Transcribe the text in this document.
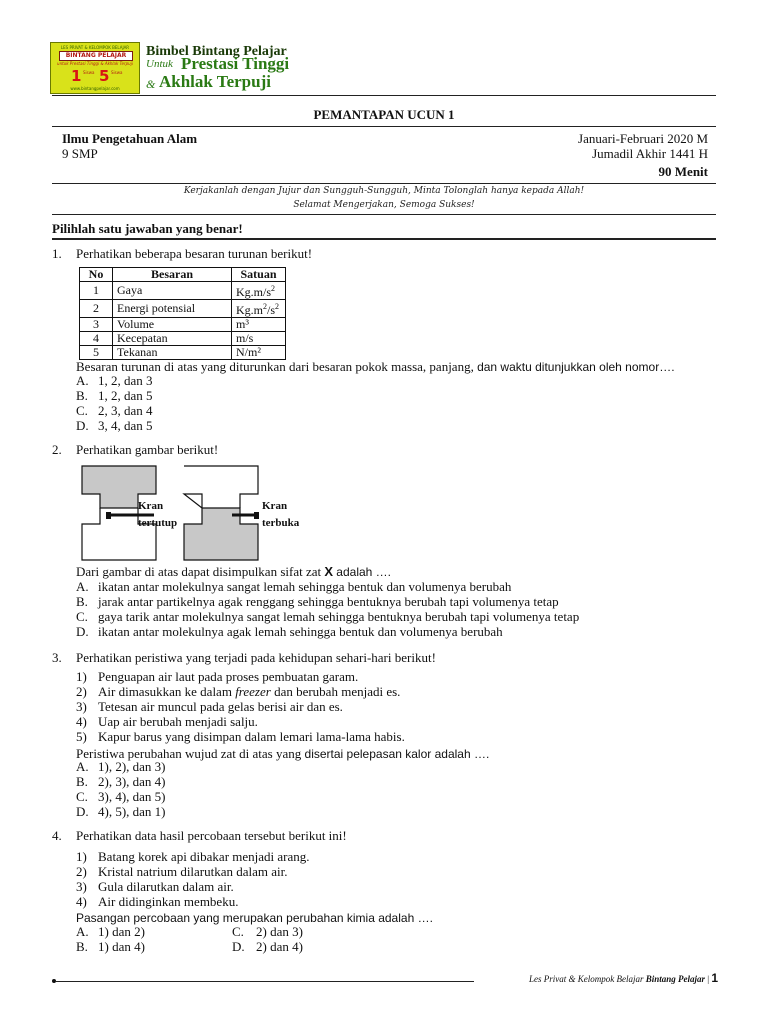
LES PRIVAT & KELOMPOK BELAJAR
BINTANG PELAJAR
untuk Prestasi Tinggi & Akhlak Terpuji
1 Siswa 5 Siswa
www.bintangpelajar.com
Bimbel Bintang Pelajar
Untuk Prestasi Tinggi
& Akhlak Terpuji
PEMANTAPAN UCUN 1
Ilmu Pengetahuan Alam
9 SMP
Januari-Februari 2020 M
Jumadil Akhir 1441 H
90 Menit
Kerjakanlah dengan Jujur dan Sungguh-Sungguh, Minta Tolonglah hanya kepada Allah!
Selamat Mengerjakan, Semoga Sukses!
Pilihlah satu jawaban yang benar!
1. Perhatikan beberapa besaran turunan berikut!
No	Besaran	Satuan
1	Gaya	$Kg.m/s^2$
2	Energi potensial	$Kg.m^2/s^2$
3	Volume	m³
4	Kecepatan	m/s
5	Tekanan	N/m²
Besaran turunan di atas yang diturunkan dari besaran pokok massa, panjang, dan waktu ditunjukkan oleh nomor….
A. 1, 2, dan 3
B. 1, 2, dan 5
C. 2, 3, dan 4
D. 3, 4, dan 5
2. Perhatikan gambar berikut!
Kran
tertutup
Kran
terbuka
Dari gambar di atas dapat disimpulkan sifat zat X adalah ….
A. ikatan antar molekulnya sangat lemah sehingga bentuk dan volumenya berubah
B. jarak antar partikelnya agak renggang sehingga bentuknya berubah tapi volumenya tetap
C. gaya tarik antar molekulnya sangat lemah sehingga bentuknya berubah tapi volumenya tetap
D. ikatan antar molekulnya agak lemah sehingga bentuk dan volumenya berubah
3. Perhatikan peristiwa yang terjadi pada kehidupan sehari-hari berikut!
1) Penguapan air laut pada proses pembuatan garam.
2) Air dimasukkan ke dalam freezer dan berubah menjadi es.
3) Tetesan air muncul pada gelas berisi air dan es.
4) Uap air berubah menjadi salju.
5) Kapur barus yang disimpan dalam lemari lama-lama habis.
Peristiwa perubahan wujud zat di atas yang disertai pelepasan kalor adalah ….
A. 1), 2), dan 3)
B. 2), 3), dan 4)
C. 3), 4), dan 5)
D. 4), 5), dan 1)
4. Perhatikan data hasil percobaan tersebut berikut ini!
1) Batang korek api dibakar menjadi arang.
2) Kristal natrium dilarutkan dalam air.
3) Gula dilarutkan dalam air.
4) Air didinginkan membeku.
Pasangan percobaan yang merupakan perubahan kimia adalah ….
A. 1) dan 2)
B. 1) dan 4)
C. 2) dan 3)
D. 2) dan 4)
Les Privat & Kelompok Belajar Bintang Pelajar | 1
